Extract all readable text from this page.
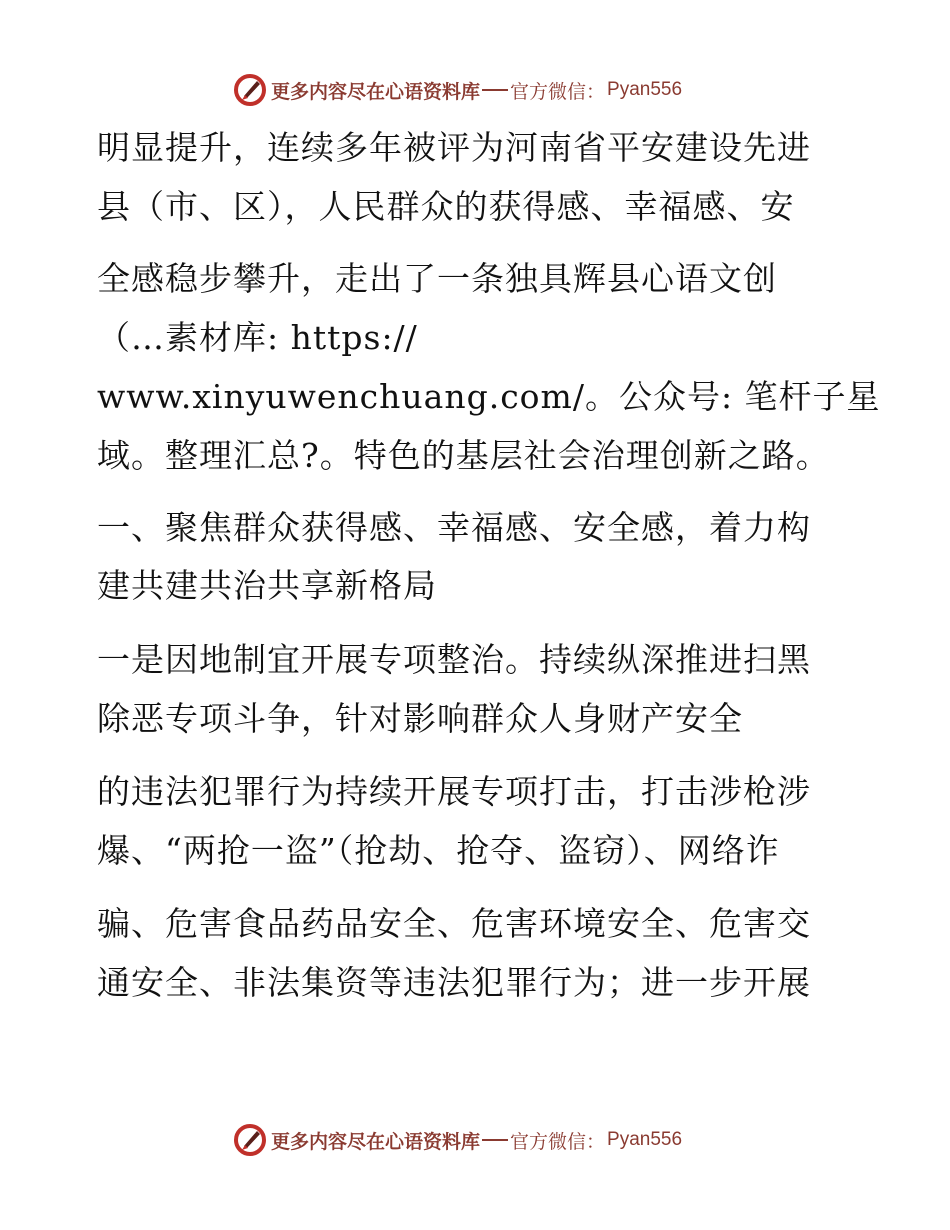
更多内容尽在心语资料库 官方微信： Pyan556
明显提升，连续多年被评为河南省平安建设先进
县（市、区），人民群众的获得感、幸福感、安
全感稳步攀升，走出了一条独具辉县心语文创
（…素材库: https://
www.xinyuwenchuang.com/。公众号: 笔杆子星
域。整理汇总?。特色的基层社会治理创新之路。
一、聚焦群众获得感、幸福感、安全感，着力构
建共建共治共享新格局
一是因地制宜开展专项整治。持续纵深推进扫黑
除恶专项斗争，针对影响群众人身财产安全
的违法犯罪行为持续开展专项打击，打击涉枪涉
爆、“两抢一盗”（抢劫、抢夺、盗窃）、网络诈
骗、危害食品药品安全、危害环境安全、危害交
通安全、非法集资等违法犯罪行为；进一步开展
更多内容尽在心语资料库 官方微信： Pyan556
